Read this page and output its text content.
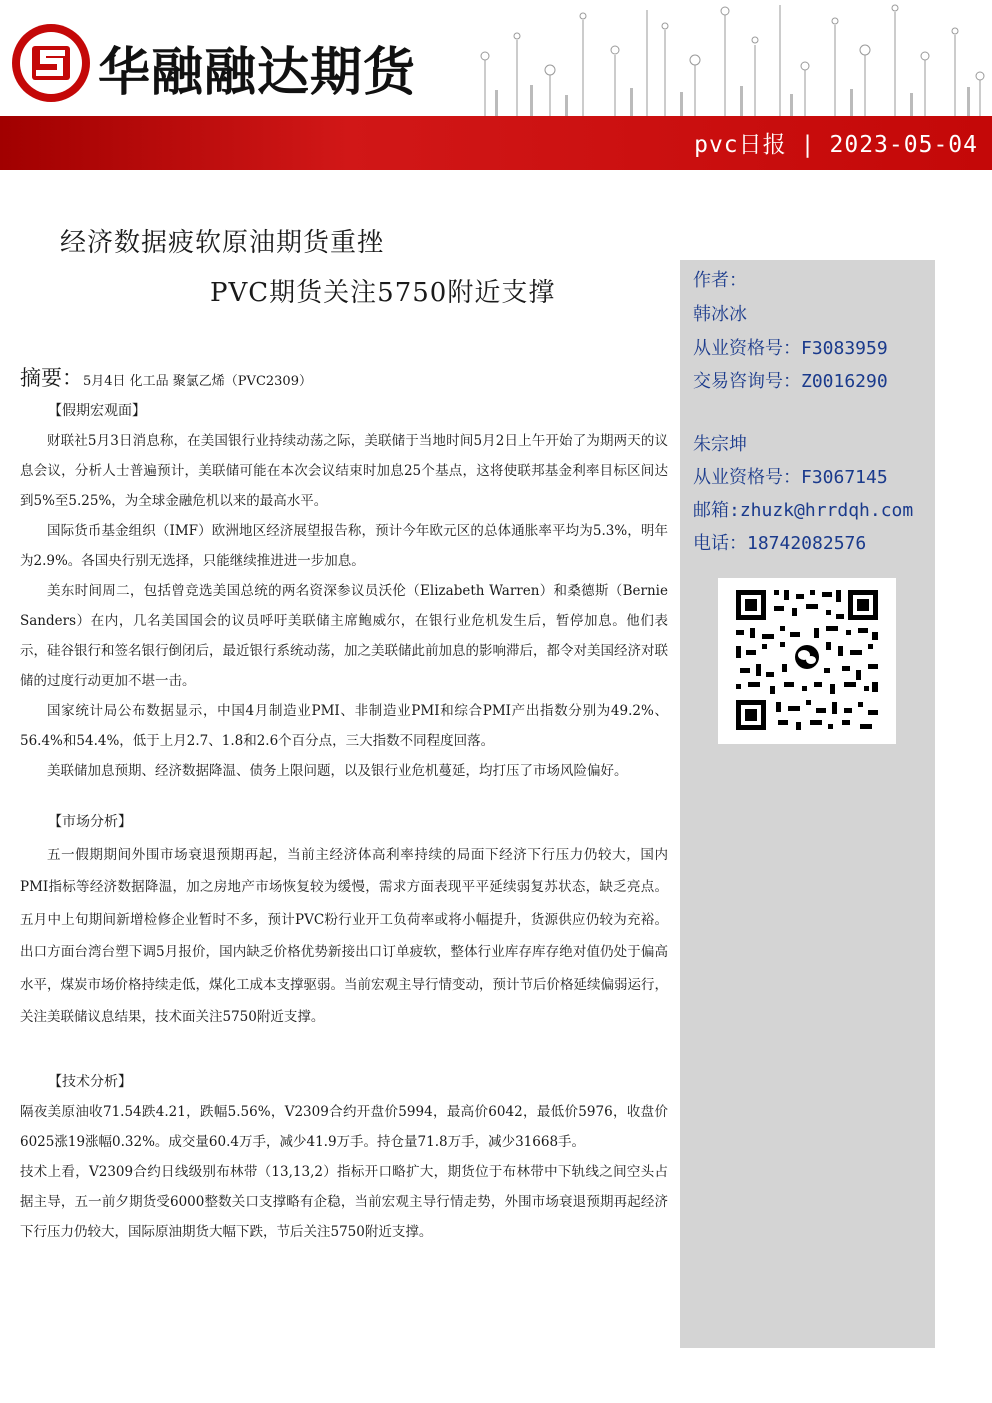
华融融达期货
pvc日报 | 2023-05-04
经济数据疲软原油期货重挫
PVC期货关注5750附近支撑	作者：
韩冰冰
从业资格号：F3083959
交易咨询号：Z0016290
朱宗坤
从业资格号：F3067145
邮箱:zhuzk@hrrdqh.com
电话：18742082576
摘要：5月4日 化工品 聚氯乙烯（PVC2309）

【假期宏观面】

财联社5月3日消息称，在美国银行业持续动荡之际，美联储于当地时间5月2日上午开始了为期两天的议息会议，分析人士普遍预计，美联储可能在本次会议结束时加息25个基点，这将使联邦基金利率目标区间达到5%至5.25%，为全球金融危机以来的最高水平。

国际货币基金组织（IMF）欧洲地区经济展望报告称，预计今年欧元区的总体通胀率平均为5.3%，明年为2.9%。各国央行别无选择，只能继续推进进一步加息。

美东时间周二，包括曾竞选美国总统的两名资深参议员沃伦（Elizabeth Warren）和桑德斯（Bernie Sanders）在内，几名美国国会的议员呼吁美联储主席鲍威尔，在银行业危机发生后，暂停加息。他们表示，硅谷银行和签名银行倒闭后，最近银行系统动荡，加之美联储此前加息的影响滞后，都令对美国经济对联储的过度行动更加不堪一击。

国家统计局公布数据显示，中国4月制造业PMI、非制造业PMI和综合PMI产出指数分别为49.2%、56.4%和54.4%，低于上月2.7、1.8和2.6个百分点，三大指数不同程度回落。

美联储加息预期、经济数据降温、债务上限问题，以及银行业危机蔓延，均打压了市场风险偏好。

【市场分析】

五一假期期间外围市场衰退预期再起，当前主经济体高利率持续的局面下经济下行压力仍较大，国内PMI指标等经济数据降温，加之房地产市场恢复较为缓慢，需求方面表现平平延续弱复苏状态，缺乏亮点。五月中上旬期间新增检修企业暂时不多，预计PVC粉行业开工负荷率或将小幅提升，货源供应仍较为充裕。出口方面台湾台塑下调5月报价，国内缺乏价格优势新接出口订单疲软，整体行业库存库存绝对值仍处于偏高水平，煤炭市场价格持续走低，煤化工成本支撑驱弱。当前宏观主导行情变动，预计节后价格延续偏弱运行，关注美联储议息结果，技术面关注5750附近支撑。

【技术分析】

隔夜美原油收71.54跌4.21，跌幅5.56%，V2309合约开盘价5994，最高价6042，最低价5976，收盘价6025涨19涨幅0.32%。成交量60.4万手，减少41.9万手。持仓量71.8万手，减少31668手。

技术上看，V2309合约日线级别布林带（13,13,2）指标开口略扩大，期货位于布林带中下轨线之间空头占据主导，五一前夕期货受6000整数关口支撑略有企稳，当前宏观主导行情走势，外围市场衰退预期再起经济下行压力仍较大，国际原油期货大幅下跌，节后关注5750附近支撑。
